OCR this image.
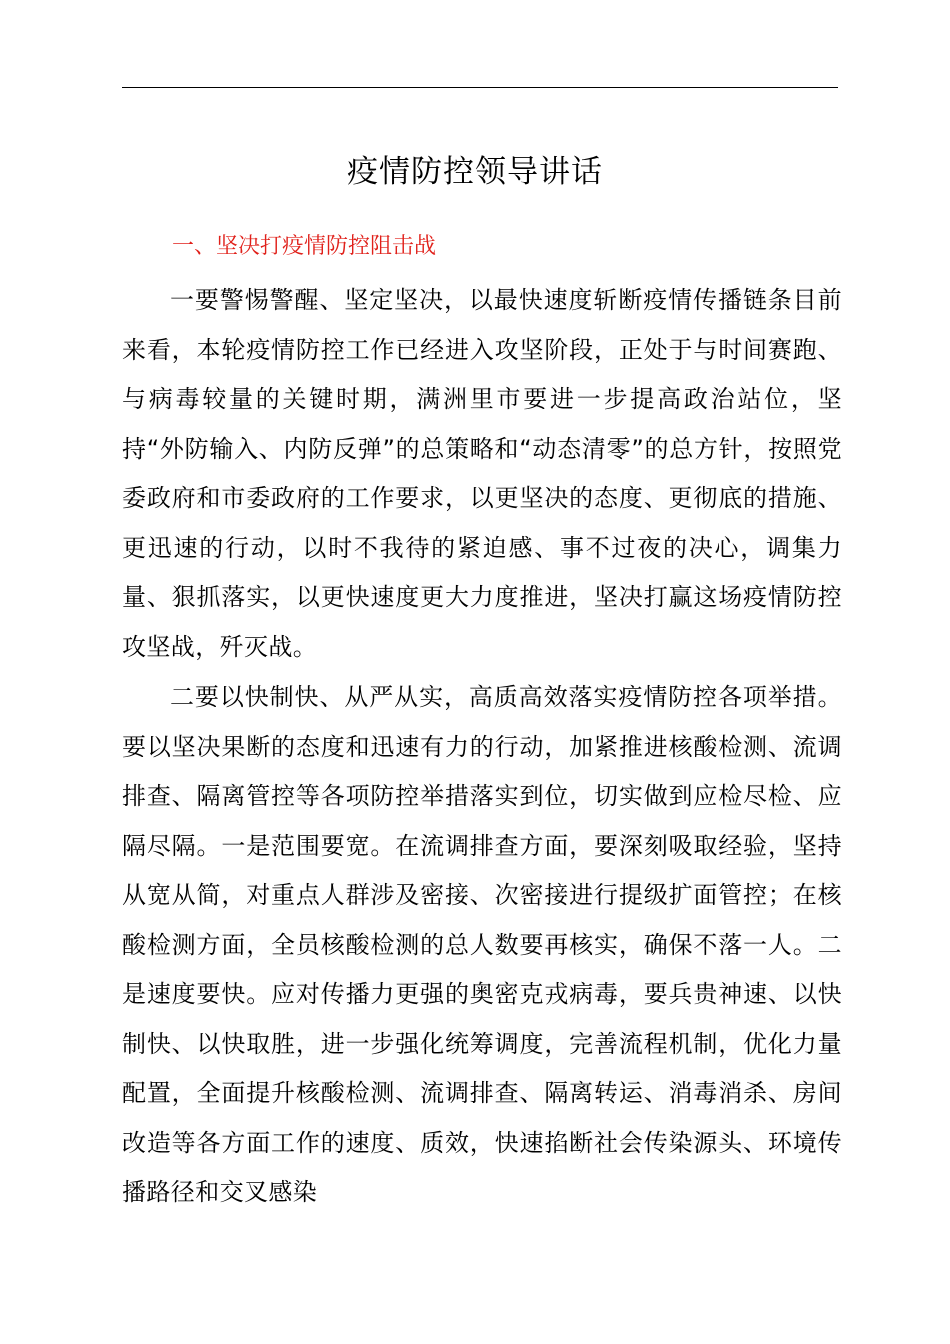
疫情防控领导讲话
一、坚决打疫情防控阻击战

一要警惕警醒、坚定坚决，以最快速度斩断疫情传播链条目前来看，本轮疫情防控工作已经进入攻坚阶段，正处于与时间赛跑、与病毒较量的关键时期，满洲里市要进一步提高政治站位，坚持“外防输入、内防反弹”的总策略和“动态清零”的总方针，按照党委政府和市委政府的工作要求，以更坚决的态度、更彻底的措施、更迅速的行动，以时不我待的紧迫感、事不过夜的决心，调集力量、狠抓落实，以更快速度更大力度推进，坚决打赢这场疫情防控攻坚战，歼灭战。

二要以快制快、从严从实，高质高效落实疫情防控各项举措。要以坚决果断的态度和迅速有力的行动，加紧推进核酸检测、流调排查、隔离管控等各项防控举措落实到位，切实做到应检尽检、应隔尽隔。一是范围要宽。在流调排查方面，要深刻吸取经验，坚持从宽从简，对重点人群涉及密接、次密接进行提级扩面管控；在核酸检测方面，全员核酸检测的总人数要再核实，确保不落一人。二是速度要快。应对传播力更强的奥密克戎病毒，要兵贵神速、以快制快、以快取胜，进一步强化统筹调度，完善流程机制，优化力量配置，全面提升核酸检测、流调排查、隔离转运、消毒消杀、房间改造等各方面工作的速度、质效，快速掐断社会传染源头、环境传播路径和交叉感染
